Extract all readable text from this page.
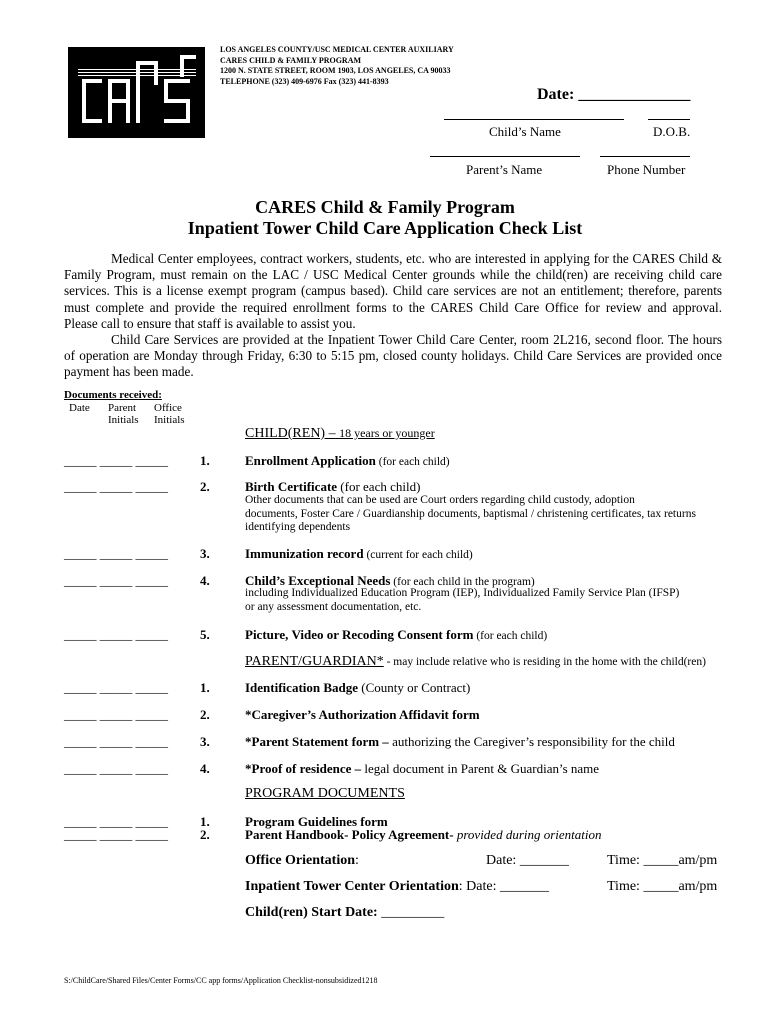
LOS ANGELES COUNTY/USC MEDICAL CENTER AUXILIARY
CARES CHILD & FAMILY PROGRAM
1200 N. STATE STREET, ROOM 1903, LOS ANGELES, CA 90033
TELEPHONE (323) 409-6976 Fax (323) 441-8393
Date: ______________
Child’s Name	D.O.B.
Parent’s Name	Phone Number
CARES Child & Family Program
Inpatient Tower Child Care Application Check List
Medical Center employees, contract workers, students, etc. who are interested in applying for the CARES Child &
Family Program, must remain on the LAC / USC Medical Center grounds while the child(ren) are receiving child care
services. This is a license exempt program (campus based). Child care services are not an entitlement; therefore, parents
must complete and provide the required enrollment forms to the CARES Child Care Office for review and approval.
Please call to ensure that staff is available to assist you.
Child Care Services are provided at the Inpatient Tower Child Care Center, room 2L216, second floor. The hours
of operation are Monday through Friday, 6:30 to 5:15 pm, closed county holidays. Child Care Services are provided once
payment has been made.
Documents received:
Date Parent Initials
Office Initials
CHILD(REN) – 18 years or younger
_____ _____ _____ 1.	Enrollment Application (for each child)
_____ _____ _____ 2.	Birth Certificate (for each child)
Other documents that can be used are Court orders regarding child custody, adoption
documents, Foster Care / Guardianship documents, baptismal / christening certificates, tax returns
identifying dependents
_____ _____ _____ 3.	Immunization record (current for each child)
_____ _____ _____ 4.	Child’s Exceptional Needs (for each child in the program)
including Individualized Education Program (IEP), Individualized Family Service Plan (IFSP)
or any assessment documentation, etc.
_____ _____ _____ 5.	Picture, Video or Recoding Consent form (for each child)
PARENT/GUARDIAN* - may include relative who is residing in the home with the child(ren)
_____ _____ _____ 1.	Identification Badge (County or Contract)
_____ _____ _____ 2.	*Caregiver’s Authorization Affidavit form
_____ _____ _____ 3.	*Parent Statement form – authorizing the Caregiver’s responsibility for the child
_____ _____ _____ 4.	*Proof of residence – legal document in Parent & Guardian’s name
PROGRAM DOCUMENTS
_____ _____ _____ 1.	Program Guidelines form
_____ _____ _____ 2.	Parent Handbook- Policy Agreement- provided during orientation
Office Orientation:	Date: _______	Time: _____am/pm
Inpatient Tower Center Orientation: Date: _______	Time: _____am/pm
Child(ren) Start Date: _________
S:/ChildCare/Shared Files/Center Forms/CC app forms/Application Checklist-nonsubsidized1218
